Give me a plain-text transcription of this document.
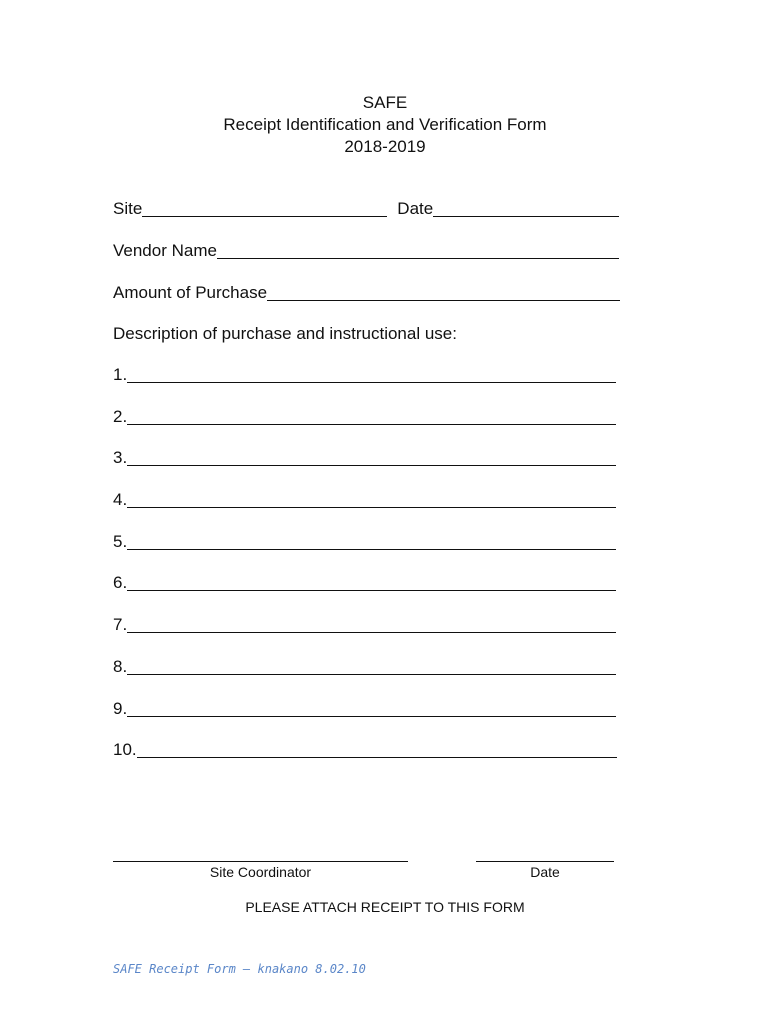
SAFE
Receipt Identification and Verification Form
2018-2019
Site	Date
Vendor Name
Amount of Purchase
Description of purchase and instructional use:
1.
2.
3.
4.
5.
6.
7.
8.
9.
10.
Site Coordinator	Date
PLEASE ATTACH RECEIPT TO THIS FORM
SAFE Receipt Form – knakano 8.02.10
